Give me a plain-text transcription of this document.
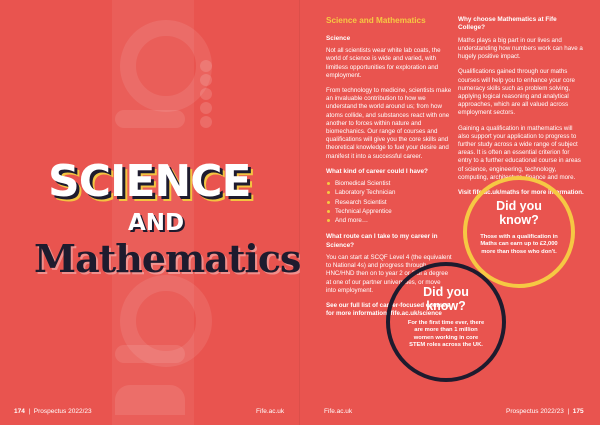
SCIENCE
AND
Mathematics
174  |  Prospectus 2022/23	Fife.ac.uk
Science and Mathematics
Science

Not all scientists wear white lab coats, the world of science is wide and varied, with limitless opportunities for exploration and employment.

From technology to medicine, scientists make an invaluable contribution to how we understand the world around us; from how atoms collide, and substances react with one another to forces within nature and biomechanics. Our range of courses and qualifications will give you the core skills and theoretical knowledge to fuel your desire and manifest it into a successful career.

What kind of career could I have?
Biomedical Scientist
Laboratory Technician
Research Scientist
Technical Apprentice
And more…
What route can I take to my career in Science?

You can start at SCQF Level 4 (the equivalent to National 4s) and progress through HNC/HND then on to year 2 or 3 of a degree at one of our partner universities, or move into employment.

See our full list of career-focused courses for more information: fife.ac.uk/science

Why choose Mathematics at Fife College?

Maths plays a big part in our lives and understanding how numbers work can have a hugely positive impact.

Qualifications gained through our maths courses will help you to enhance your core numeracy skills such as problem solving, applying logical reasoning and analytical approaches, which are all valued across employment sectors.

Gaining a qualification in mathematics will also support your application to progress to further study across a wide range of subject areas. It is often an essential criterion for entry to a further educational course in areas of science, engineering, technology, computing, architecture, finance and more.

Visit fife.ac.uk/maths for more information.

Did you
know?
Those with a qualification in Maths can earn up to £2,000 more than those who don't.
Did you
know?
For the first time ever, there are more than 1 million women working in core STEM roles across the UK.
Fife.ac.uk	Prospectus 2022/23  |  175
